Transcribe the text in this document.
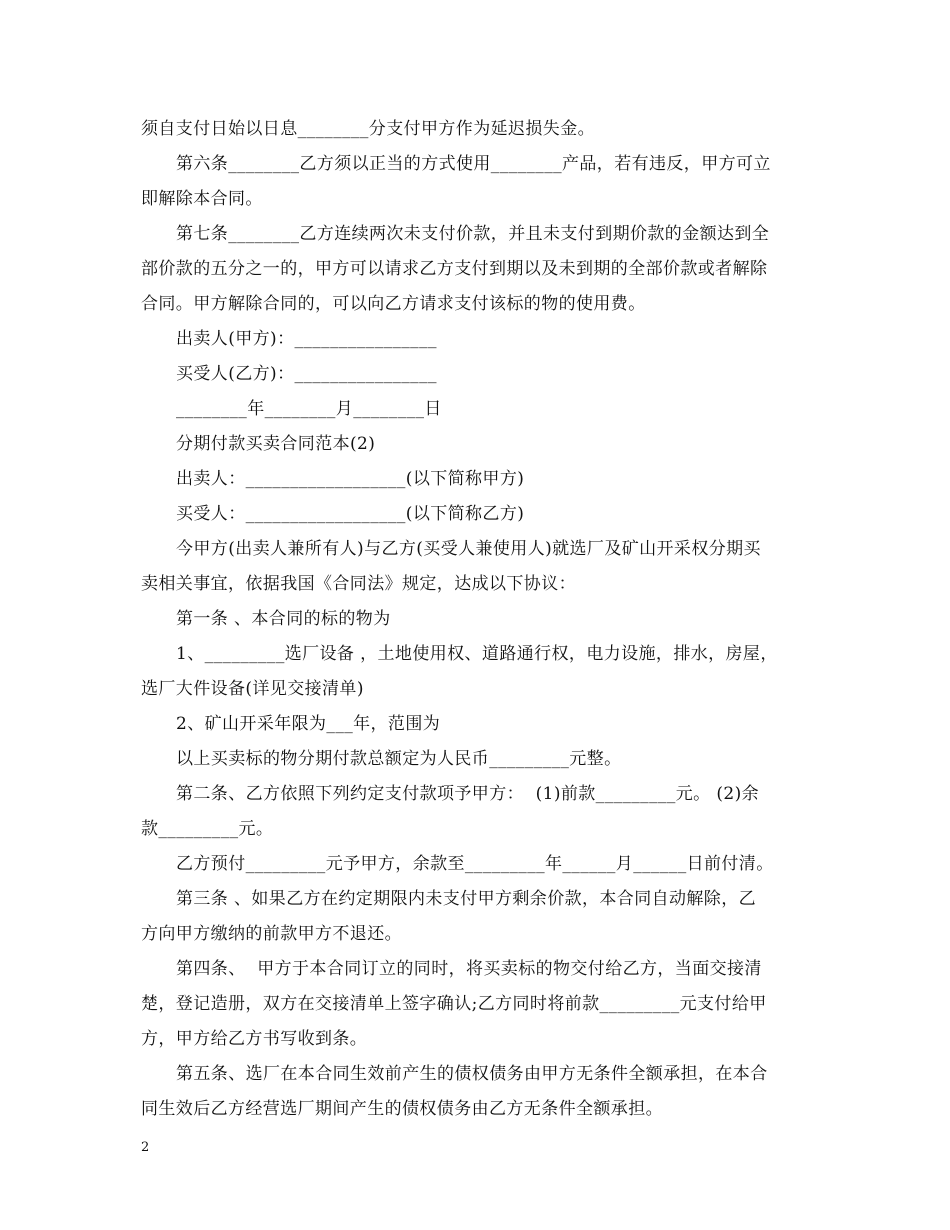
须自支付日始以日息________分支付甲方作为延迟损失金。
第六条________乙方须以正当的方式使用________产品，若有违反，甲方可立
即解除本合同。
第七条________乙方连续两次未支付价款，并且未支付到期价款的金额达到全
部价款的五分之一的，甲方可以请求乙方支付到期以及未到期的全部价款或者解除
合同。甲方解除合同的，可以向乙方请求支付该标的物的使用费。
出卖人(甲方)：________________
买受人(乙方)：________________
________年________月________日
分期付款买卖合同范本(2)
出卖人：__________________(以下简称甲方)
买受人：__________________(以下简称乙方)
今甲方(出卖人兼所有人)与乙方(买受人兼使用人)就选厂及矿山开采权分期买
卖相关事宜，依据我国《合同法》规定，达成以下协议：
第一条 、本合同的标的物为
1、_________选厂设备 ，土地使用权、道路通行权，电力设施，排水，房屋，
选厂大件设备(详见交接清单)
2、矿山开采年限为___年，范围为
以上买卖标的物分期付款总额定为人民币_________元整。
第二条、乙方依照下列约定支付款项予甲方：  (1)前款_________元。 (2)余
款_________元。
乙方预付_________元予甲方，余款至_________年______月______日前付清。
第三条 、如果乙方在约定期限内未支付甲方剩余价款，本合同自动解除，乙
方向甲方缴纳的前款甲方不退还。
第四条、  甲方于本合同订立的同时，将买卖标的物交付给乙方，当面交接清
楚，登记造册，双方在交接清单上签字确认;乙方同时将前款_________元支付给甲
方，甲方给乙方书写收到条。
第五条、选厂在本合同生效前产生的债权债务由甲方无条件全额承担，在本合
同生效后乙方经营选厂期间产生的债权债务由乙方无条件全额承担。
2
